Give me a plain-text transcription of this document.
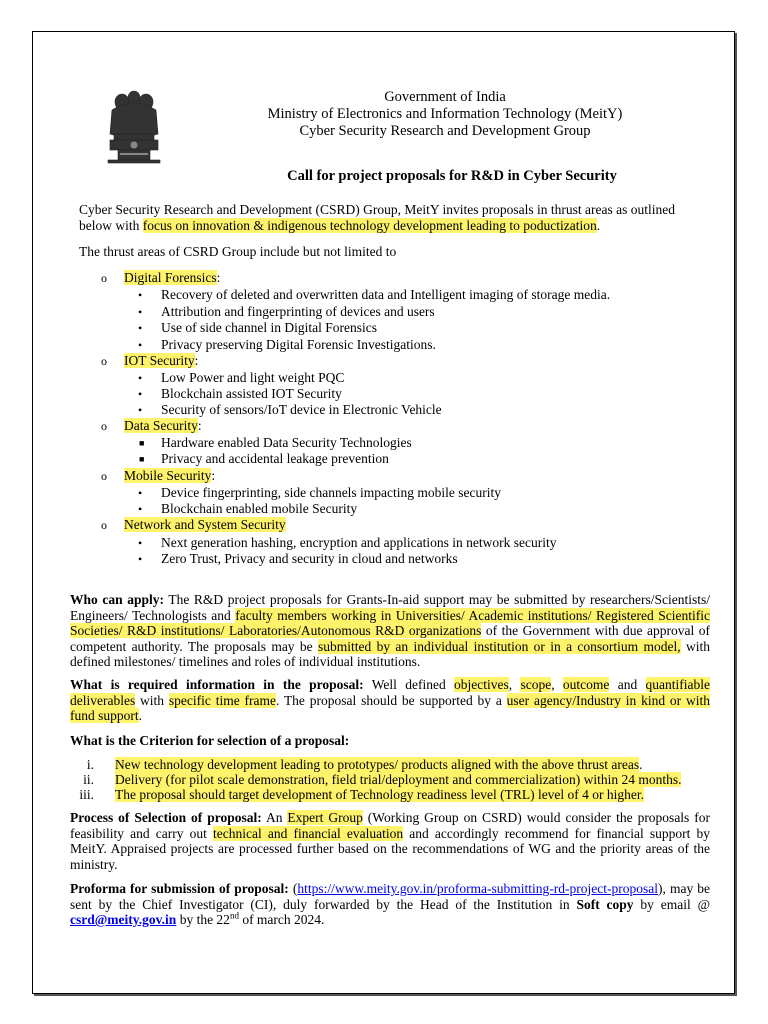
Government of India
Ministry of Electronics and Information Technology (MeitY)
Cyber Security Research and Development Group
Call for project proposals for R&D in Cyber Security
Cyber Security Research and Development (CSRD) Group, MeitY invites proposals in thrust areas as outlined
below with focus on innovation & indigenous technology development leading to poductization.
The thrust areas of CSRD Group include but not limited to
o Digital Forensics:
• Recovery of deleted and overwritten data and Intelligent imaging of storage media.
• Attribution and fingerprinting of devices and users
• Use of side channel in Digital Forensics
• Privacy preserving Digital Forensic Investigations.
o IOT Security:
• Low Power and light weight PQC
• Blockchain assisted IOT Security
• Security of sensors/IoT device in Electronic Vehicle
o Data Security:
■ Hardware enabled Data Security Technologies
■ Privacy and accidental leakage prevention
o Mobile Security:
• Device fingerprinting, side channels impacting mobile security
• Blockchain enabled mobile Security
o Network and System Security
• Next generation hashing, encryption and applications in network security
• Zero Trust, Privacy and security in cloud and networks
Who can apply: The R&D project proposals for Grants-In-aid support may be submitted by researchers/Scientists/ Engineers/ Technologists and faculty members working in Universities/ Academic institutions/ Registered Scientific Societies/ R&D institutions/ Laboratories/Autonomous R&D organizations of the Government with due approval of competent authority. The proposals may be submitted by an individual institution or in a consortium model, with defined milestones/ timelines and roles of individual institutions.
What is required information in the proposal: Well defined objectives, scope, outcome and quantifiable deliverables with specific time frame. The proposal should be supported by a user agency/Industry in kind or with fund support.
What is the Criterion for selection of a proposal:
i. New technology development leading to prototypes/ products aligned with the above thrust areas.
ii. Delivery (for pilot scale demonstration, field trial/deployment and commercialization) within 24 months.
iii. The proposal should target development of Technology readiness level (TRL) level of 4 or higher.
Process of Selection of proposal: An Expert Group (Working Group on CSRD) would consider the proposals for feasibility and carry out technical and financial evaluation and accordingly recommend for financial support by MeitY. Appraised projects are processed further based on the recommendations of WG and the priority areas of the ministry.
Proforma for submission of proposal: (https://www.meity.gov.in/proforma-submitting-rd-project-proposal), may be sent by the Chief Investigator (CI), duly forwarded by the Head of the Institution in Soft copy by email @ csrd@meity.gov.in by the 22nd of march 2024.
